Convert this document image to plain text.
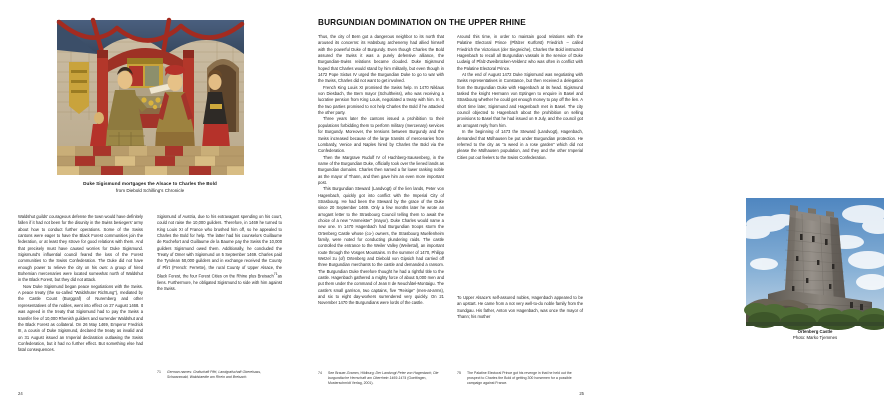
Duke Sigismund mortgages the Alsace to Charles the Bold
from Diebold Schilling's Chronicle

Waldshut guilds' courageous defense the town would have definitely fallen if it had not been for the disunity in the Swiss besiegers' army about how to conduct further operations. Some of the Swiss cantons were eager to have the Black Forest communities join the federation, or at least they strove for good relations with them. And that precisely must have caused worries for Duke Sigismund. Sigismund's influential council feared the loss of the Forest communities to the Swiss Confederation. The Duke did not have enough power to relieve the city on his own: a group of hired Bohemian mercenaries were located somewhat north of Waldshut in the Black Forest, but they did not attack.

Now Duke Sigismund began peace negotiations with the Swiss. A peace treaty (the so-called "Waldshuter Richtung"), mediated by the Castle Count (Burggraf) of Nuremberg and other representatives of the nobles, went into effect on 27 August 1468. It was agreed in the treaty that Sigismund had to pay the Swiss a transfer fee of 10,000 Rhenish guilders and surrender Waldshut and the Black Forest as collateral. On 26 May 1469, Emperor Fredrick III, a cousin of Duke Sigismund, declared the treaty as invalid and on 31 August issued an Imperial declaration outlawing the Swiss Confederation, but it had no further effect. But something else had fatal consequences.

Sigismund of Austria, due to his extravagant spending on his court, could not raise the 10,000 guilders. Therefore, in 1469 he turned to King Louis XI of France who brushed him off, so he appealed to Charles the Bold for help. The latter had his counselors Guillaume de Rochefort and Guillaume de la Baume pay the Swiss the 10,000 guilders Sigismund owed them. Additionally, he concluded the Treaty of Omer with Sigismund on 5 September 1469. Charles paid the Tyrolean 50,000 guilders and in exchange received the County of Pfirt (French: Ferrette), the rural County of Upper Alsace, the Black Forest, the four Forest Cities on the Rhine plus Breisach$^{71}$as liens. Furthermore, he obligated Sigismund to side with him against the Swiss.

71	German names: Grafschaft Pfirt, Landgrafschaft Oberelsass, Schwarzwald, Waldstaedte am Rhein and Breisach.
24
BURGUNDIAN DOMINATION ON THE UPPER RHINE

Thus, the city of Bern got a dangerous neighbor to its north that aroused its concerns: its Habsburg archenemy had allied himself with the powerful Duke of Burgundy. Even though Charles the Bold assured the Swiss it was a purely defensive alliance, the Burgundian-Swiss relations became clouded. Duke Sigismund hoped that Charles would stand by him militarily, but even though in 1472 Pope Sixtus IV urged the Burgundian Duke to go to war with the Swiss, Charles did not want to get involved.

French King Louis XI promised the Swiss help. In 1470 Niklaus von Diesbach, the Bern mayor (Schultheiss), who was receiving a lucrative pension from King Louis, negotiated a treaty with him. In it, the two parties promised to not help Charles the Bold if he attacked the other party.

Three years later the cantons issued a prohibition to their populations forbidding them to perform military (mercenary) services for Burgundy. Moreover, the tensions between Burgundy and the Swiss increased because of the large transits of mercenaries from Lombardy, Venice and Naples hired by Charles the Bold via the Confederation.

Then the Margrave Rudolf IV of Hachberg-Sausenberg, in the name of the Burgundian Duke, officially took over the liened lands as Burgundian domains. Charles then named a far lower ranking noble as the mayor of Thann, and then gave him an even more important post.

This Burgundian Steward (Landvogt) of the lien lands, Peter von Hagenbach, quickly got into conflict with the Imperial City of Strasbourg. He had been the Steward by the grace of the Duke since 20 September 1469. Only a few months later he wrote an arrogant letter to the Strasbourg Council telling them to await the choice of a new "Ammeister" (mayor). Duke Charles would name a new one. In 1470 Hagenbach had Burgundian troops storm the Ortenberg Castle whose (co-) owners, the Strasbourg Muellenheim family, were noted for conducting plundering raids. The castle controlled the entrance to the Weiler Valley (Weilertal), an important route through the Vosges Mountains. In the summer of 1470, Philipp Wetzel zu (of) Ortenberg and Diebold von Gipsich had carried off three Burgundian merchants to the castle and demanded a ransom. The Burgundian Duke therefore thought he had a rightful title to the castle. Hagenbach gathered a mighty force of about 5,000 men and put them under the command of Jean II de Neuchâtel-Montaigu. The castle's small garrison, two captains, five "Reisige" (men-at-arms), and six to eight day-workers surrendered very quickly. On 21 November 1470 the Burgundians were lords of the castle.

Around this time, in order to maintain good relations with the Palatine Electoral Prince (Pfälzer Kurfürst) Friedrich – called Friedrich the Victorious (der Siegreiche), Charles the Bold instructed Hagenbach to recall all Burgundian vassals in the service of Duke Ludwig of Pfalz-Zweibrücken-Veldenz who was often in conflict with the Palatine Electoral Prince.

At the end of August 1472 Duke Sigismund was negotiating with Swiss representatives in Constance, but then received a delegation from the Burgundian Duke with Hagenbach at its head. Sigismund tasked the knight Hermann von Eptingen to enquire in Basel and Strasbourg whether he could get enough money to pay off the lien. A short time later, Sigismund and Hagenbach met in Basel. The city council objected to Hagenbach about the prohibition on selling provisions to Basel that he had issued on 9 July, and the council got an arrogant reply from him.

In the beginning of 1473 the Steward (Landvogt), Hagenbach, demanded that Mülhausen be put under Burgundian protection. He referred to the city as "a weed in a rose garden" which did not please the Mülhausen population, and they and the other Imperial Cities put out feelers to the Swiss Confederation.

To Upper Alsace's self-assured nobles, Hagenbach appeared to be an upstart. He came from a not very well-to-do noble family from the Sundgau. His father, Anton von Hagenbach, was once the mayor of Thann; his mother

Ortenberg Castle
Photo: Marko Tjemmes
74	See Brauer-Gramm, Hildburg: Der Landvogt Peter von Hagenbach, Die burgundische Herrschaft am Oberrhein 1469-1474 (Goettingen, Musterschmidt Verlag, 2001).
75	The Palatine Electoral Prince got his revenge in that he held out the prospect to Charles the Bold of getting 300 horsemen for a possible campaign against France.
25
